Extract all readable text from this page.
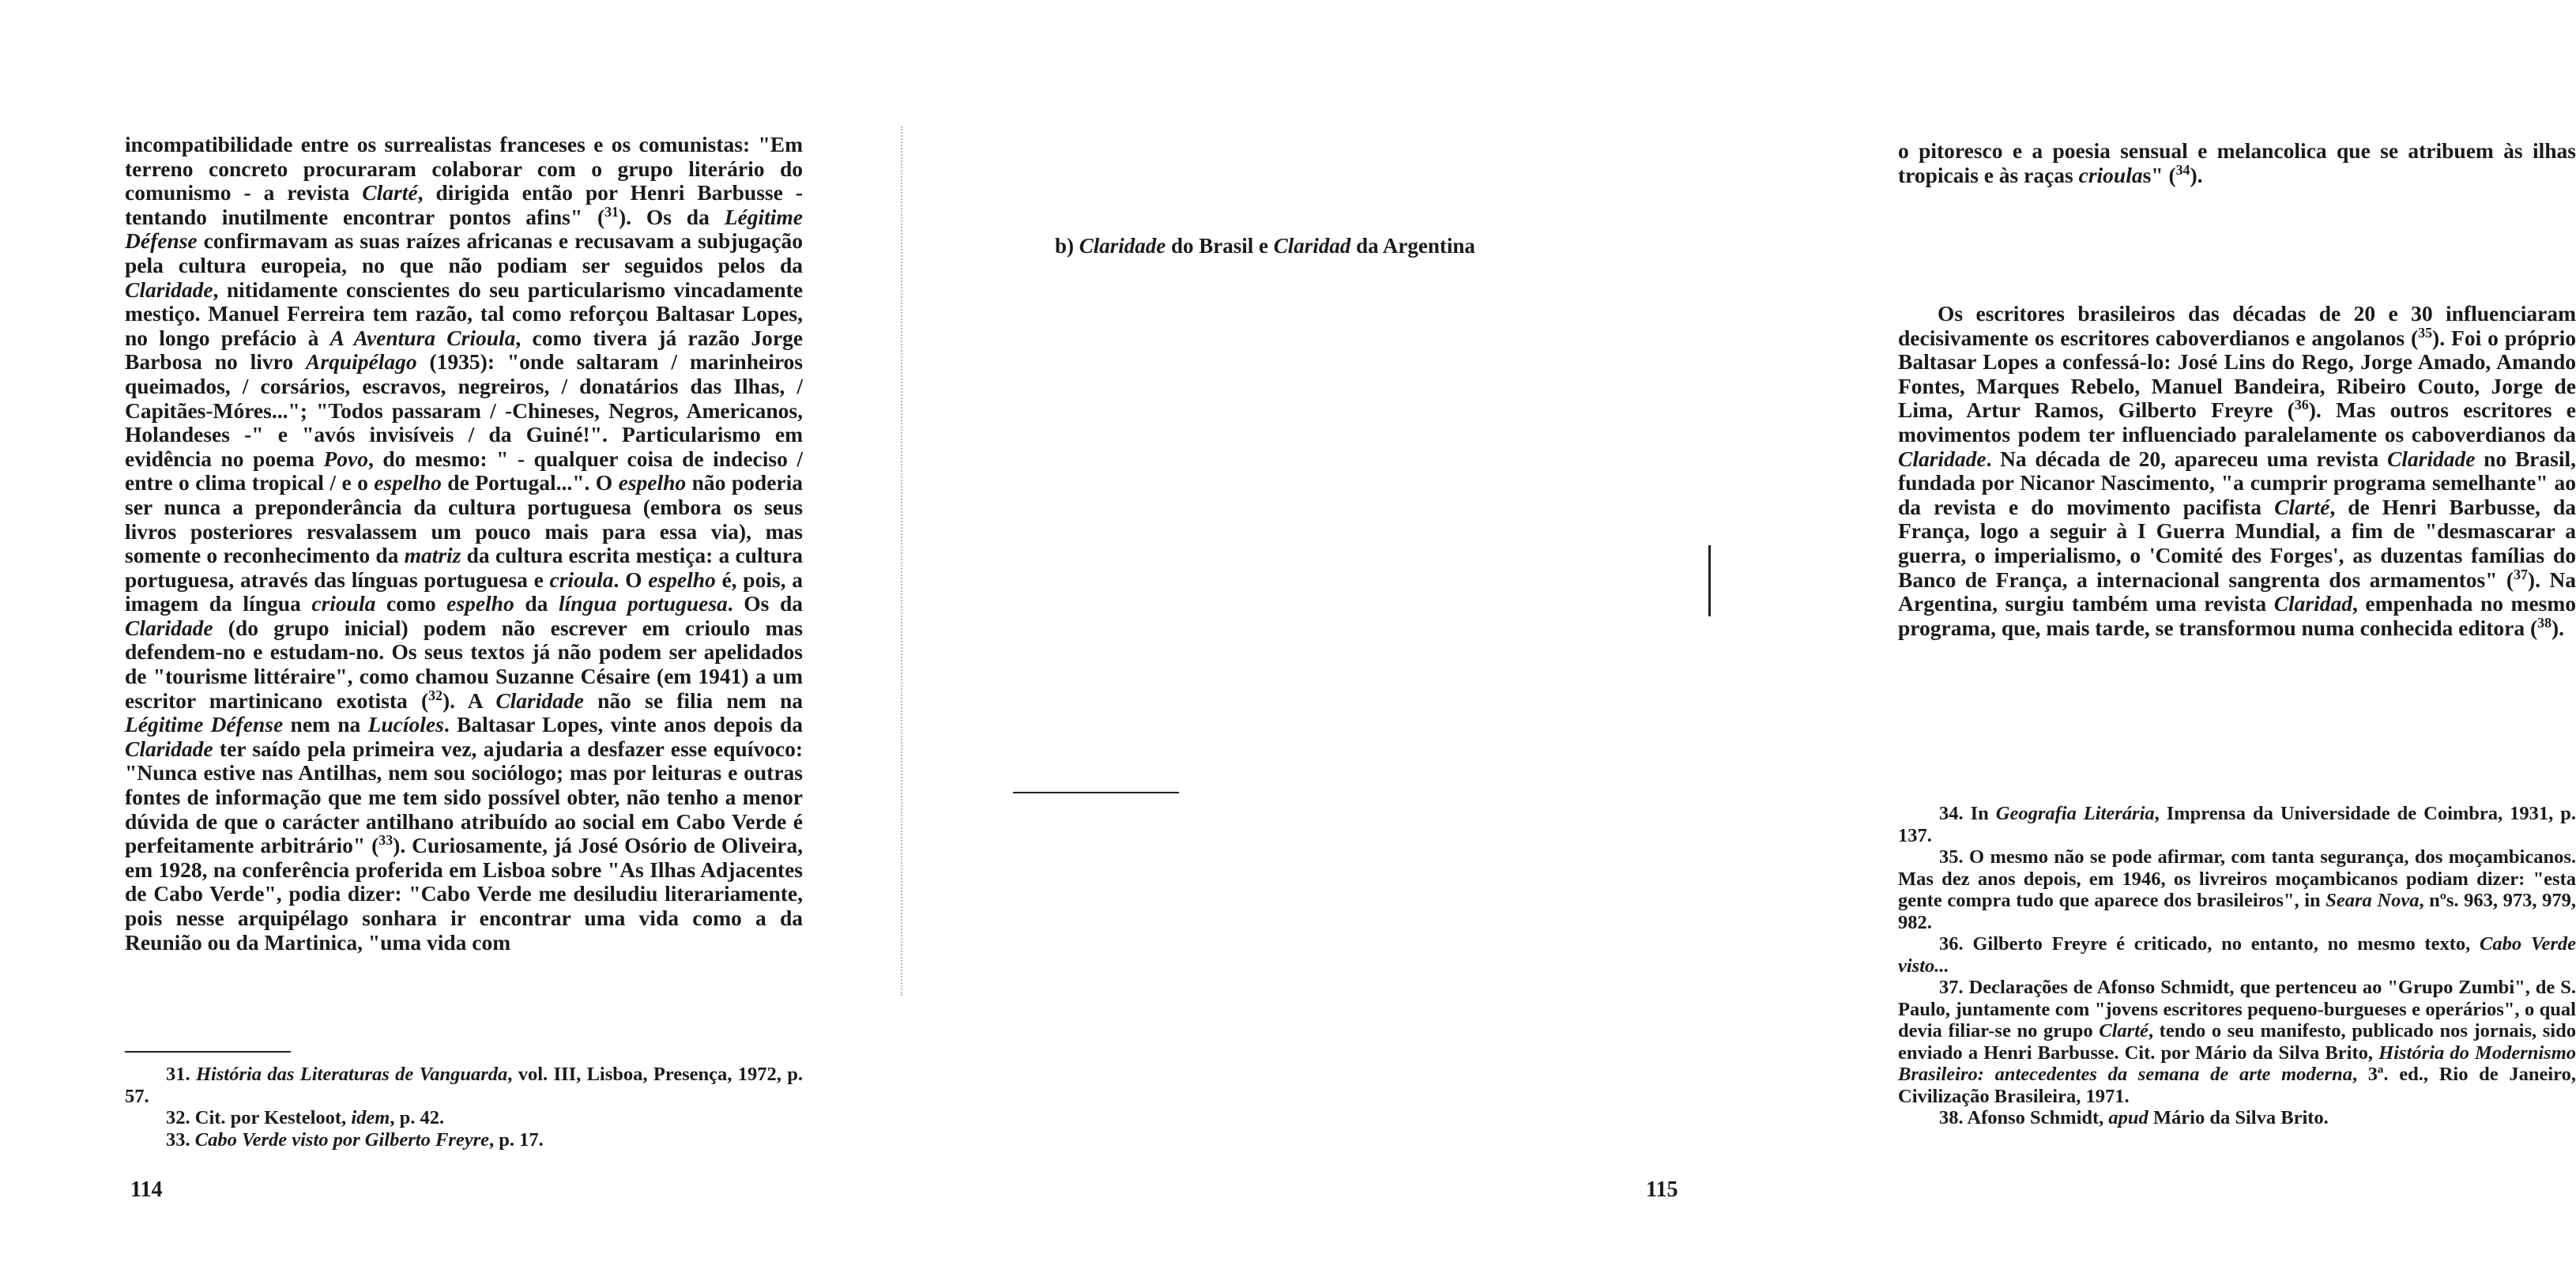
incompatibilidade entre os surrealistas franceses e os comunistas: "Em terreno concreto procuraram colaborar com o grupo literário do comunismo - a revista Clarté, dirigida então por Henri Barbusse - tentando inutilmente encontrar pontos afins" ($^{31}$). Os da Légitime Défense confirmavam as suas raízes africanas e recusavam a subjugação pela cultura europeia, no que não podiam ser seguidos pelos da Claridade, nitidamente conscientes do seu particularismo vincadamente mestiço. Manuel Ferreira tem razão, tal como reforçou Baltasar Lopes, no longo prefácio à A Aventura Crioula, como tivera já razão Jorge Barbosa no livro Arquipélago (1935): "onde saltaram / marinheiros queimados, / corsários, escravos, negreiros, / donatários das Ilhas, / Capitães-Móres..."; "Todos passaram / -Chineses, Negros, Americanos, Holandeses -" e "avós invisíveis / da Guiné!". Particularismo em evidência no poema Povo, do mesmo: " - qualquer coisa de indeciso / entre o clima tropical / e o espelho de Portugal...". O espelho não poderia ser nunca a preponderância da cultura portuguesa (embora os seus livros posteriores resvalassem um pouco mais para essa via), mas somente o reconhecimento da matriz da cultura escrita mestiça: a cultura portuguesa, através das línguas portuguesa e crioula. O espelho é, pois, a imagem da língua crioula como espelho da língua portuguesa. Os da Claridade (do grupo inicial) podem não escrever em crioulo mas defendem-no e estudam-no. Os seus textos já não podem ser apelidados de "tourisme littéraire", como chamou Suzanne Césaire (em 1941) a um escritor martinicano exotista ($^{32}$). A Claridade não se filia nem na Légitime Défense nem na Lucíoles. Baltasar Lopes, vinte anos depois da Claridade ter saído pela primeira vez, ajudaria a desfazer esse equívoco: "Nunca estive nas Antilhas, nem sou sociólogo; mas por leituras e outras fontes de informação que me tem sido possível obter, não tenho a menor dúvida de que o carácter antilhano atribuído ao social em Cabo Verde é perfeitamente arbitrário" ($^{33}$). Curiosamente, já José Osório de Oliveira, em 1928, na conferência proferida em Lisboa sobre "As Ilhas Adjacentes de Cabo Verde", podia dizer: "Cabo Verde me desiludiu literariamente, pois nesse arquipélago sonhara ir encontrar uma vida como a da Reunião ou da Martinica, "uma vida com

31. História das Literaturas de Vanguarda, vol. III, Lisboa, Presença, 1972, p. 57.

32. Cit. por Kesteloot, idem, p. 42.

33. Cabo Verde visto por Gilberto Freyre, p. 17.

114

o pitoresco e a poesia sensual e melancolica que se atribuem às ilhas tropicais e às raças crioulas" ($^{34}$).

b) Claridade do Brasil e Claridad da Argentina

Os escritores brasileiros das décadas de 20 e 30 influenciaram decisivamente os escritores caboverdianos e angolanos ($^{35}$). Foi o próprio Baltasar Lopes a confessá-lo: José Lins do Rego, Jorge Amado, Amando Fontes, Marques Rebelo, Manuel Bandeira, Ribeiro Couto, Jorge de Lima, Artur Ramos, Gilberto Freyre ($^{36}$). Mas outros escritores e movimentos podem ter influenciado paralelamente os caboverdianos da Claridade. Na década de 20, apareceu uma revista Claridade no Brasil, fundada por Nicanor Nascimento, "a cumprir programa semelhante" ao da revista e do movimento pacifista Clarté, de Henri Barbusse, da França, logo a seguir à I Guerra Mundial, a fim de "desmascarar a guerra, o imperialismo, o 'Comité des Forges', as duzentas famílias do Banco de França, a internacional sangrenta dos armamentos" ($^{37}$). Na Argentina, surgiu também uma revista Claridad, empenhada no mesmo programa, que, mais tarde, se transformou numa conhecida editora ($^{38}$).

34. In Geografia Literária, Imprensa da Universidade de Coimbra, 1931, p. 137.

35. O mesmo não se pode afirmar, com tanta segurança, dos moçambicanos. Mas dez anos depois, em 1946, os livreiros moçambicanos podiam dizer: "esta gente compra tudo que aparece dos brasileiros", in Seara Nova, nºs. 963, 973, 979, 982.

36. Gilberto Freyre é criticado, no entanto, no mesmo texto, Cabo Verde visto...

37. Declarações de Afonso Schmidt, que pertenceu ao "Grupo Zumbi", de S. Paulo, juntamente com "jovens escritores pequeno-burgueses e operários", o qual devia filiar-se no grupo Clarté, tendo o seu manifesto, publicado nos jornais, sido enviado a Henri Barbusse. Cit. por Mário da Silva Brito, História do Modernismo Brasileiro: antecedentes da semana de arte moderna, 3ª. ed., Rio de Janeiro, Civilização Brasileira, 1971.

38. Afonso Schmidt, apud Mário da Silva Brito.

115
